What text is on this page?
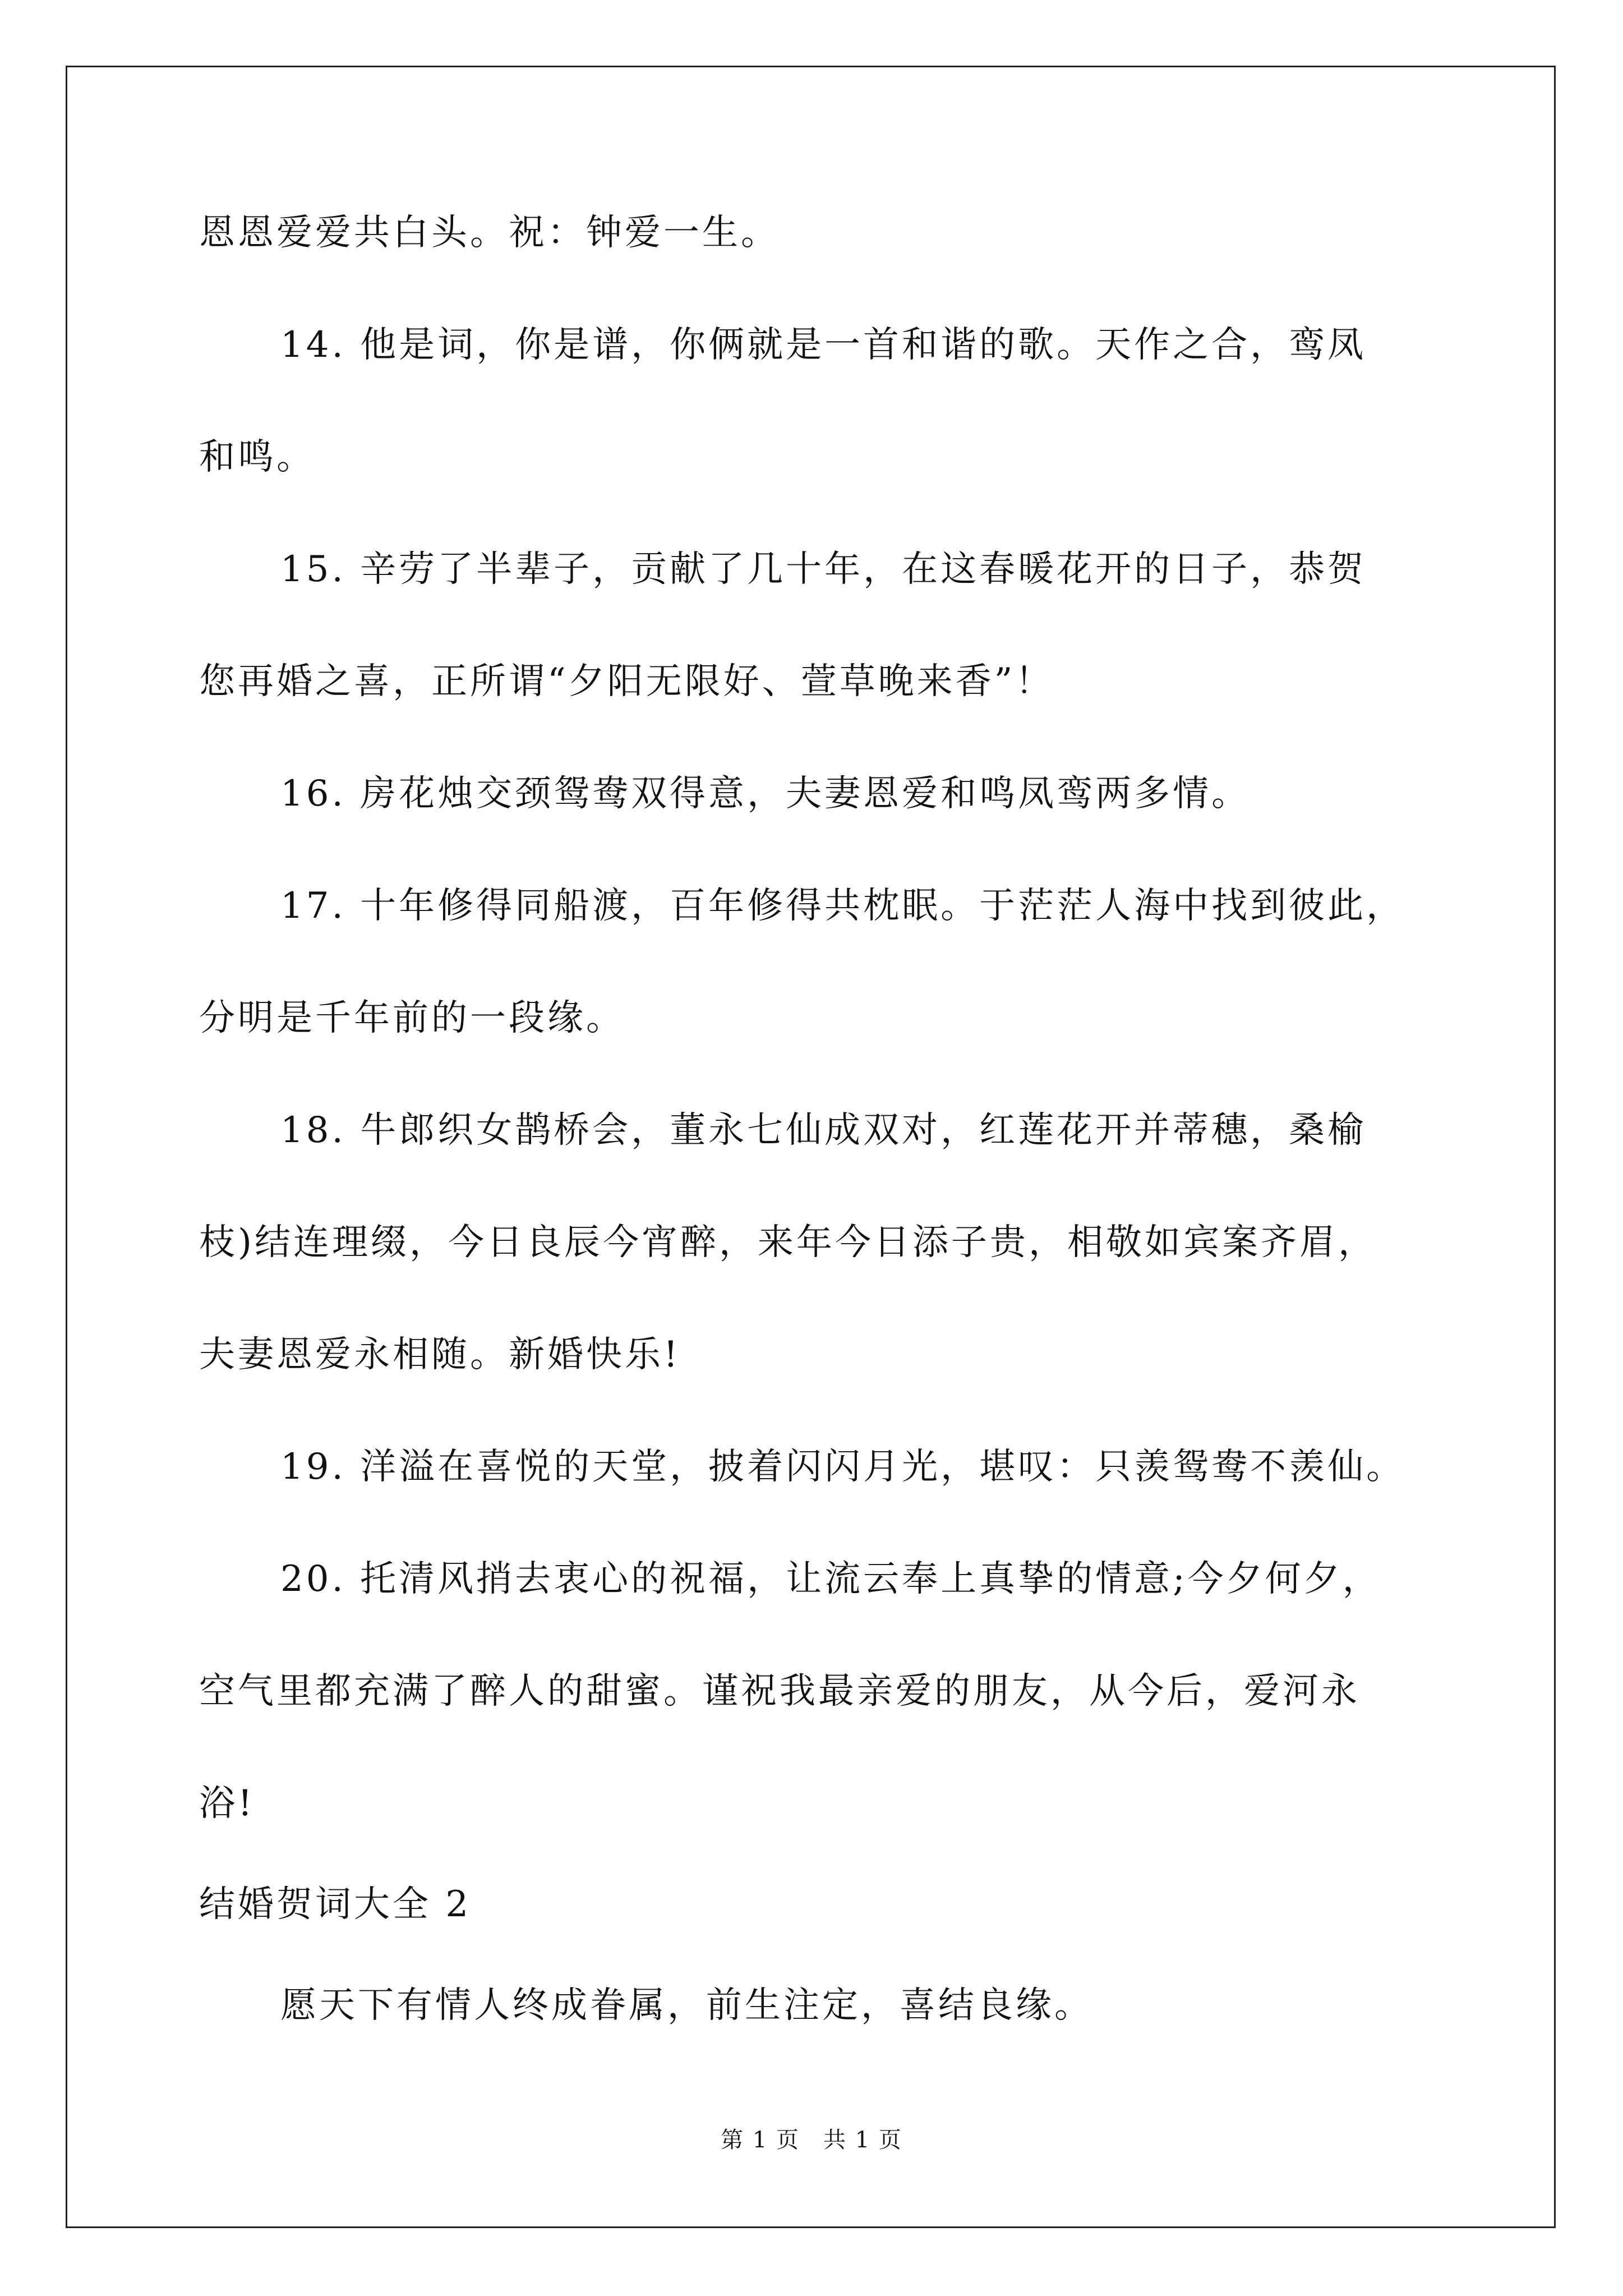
恩恩爱爱共白头。祝：钟爱一生。
14. 他是词，你是谱，你俩就是一首和谐的歌。天作之合，鸾凤
和鸣。
15. 辛劳了半辈子，贡献了几十年，在这春暖花开的日子，恭贺
您再婚之喜，正所谓“夕阳无限好、萱草晚来香”！
16. 房花烛交颈鸳鸯双得意，夫妻恩爱和鸣凤鸾两多情。
17. 十年修得同船渡，百年修得共枕眠。于茫茫人海中找到彼此，
分明是千年前的一段缘。
18. 牛郎织女鹊桥会，董永七仙成双对，红莲花开并蒂穗，桑榆
枝)结连理缀，今日良辰今宵醉，来年今日添子贵，相敬如宾案齐眉，
夫妻恩爱永相随。新婚快乐!
19. 洋溢在喜悦的天堂，披着闪闪月光，堪叹：只羡鸳鸯不羡仙。
20. 托清风捎去衷心的祝福，让流云奉上真挚的情意;今夕何夕，
空气里都充满了醉人的甜蜜。谨祝我最亲爱的朋友，从今后，爱河永
浴!
结婚贺词大全 2
愿天下有情人终成眷属，前生注定，喜结良缘。
第 1 页　共 1 页
